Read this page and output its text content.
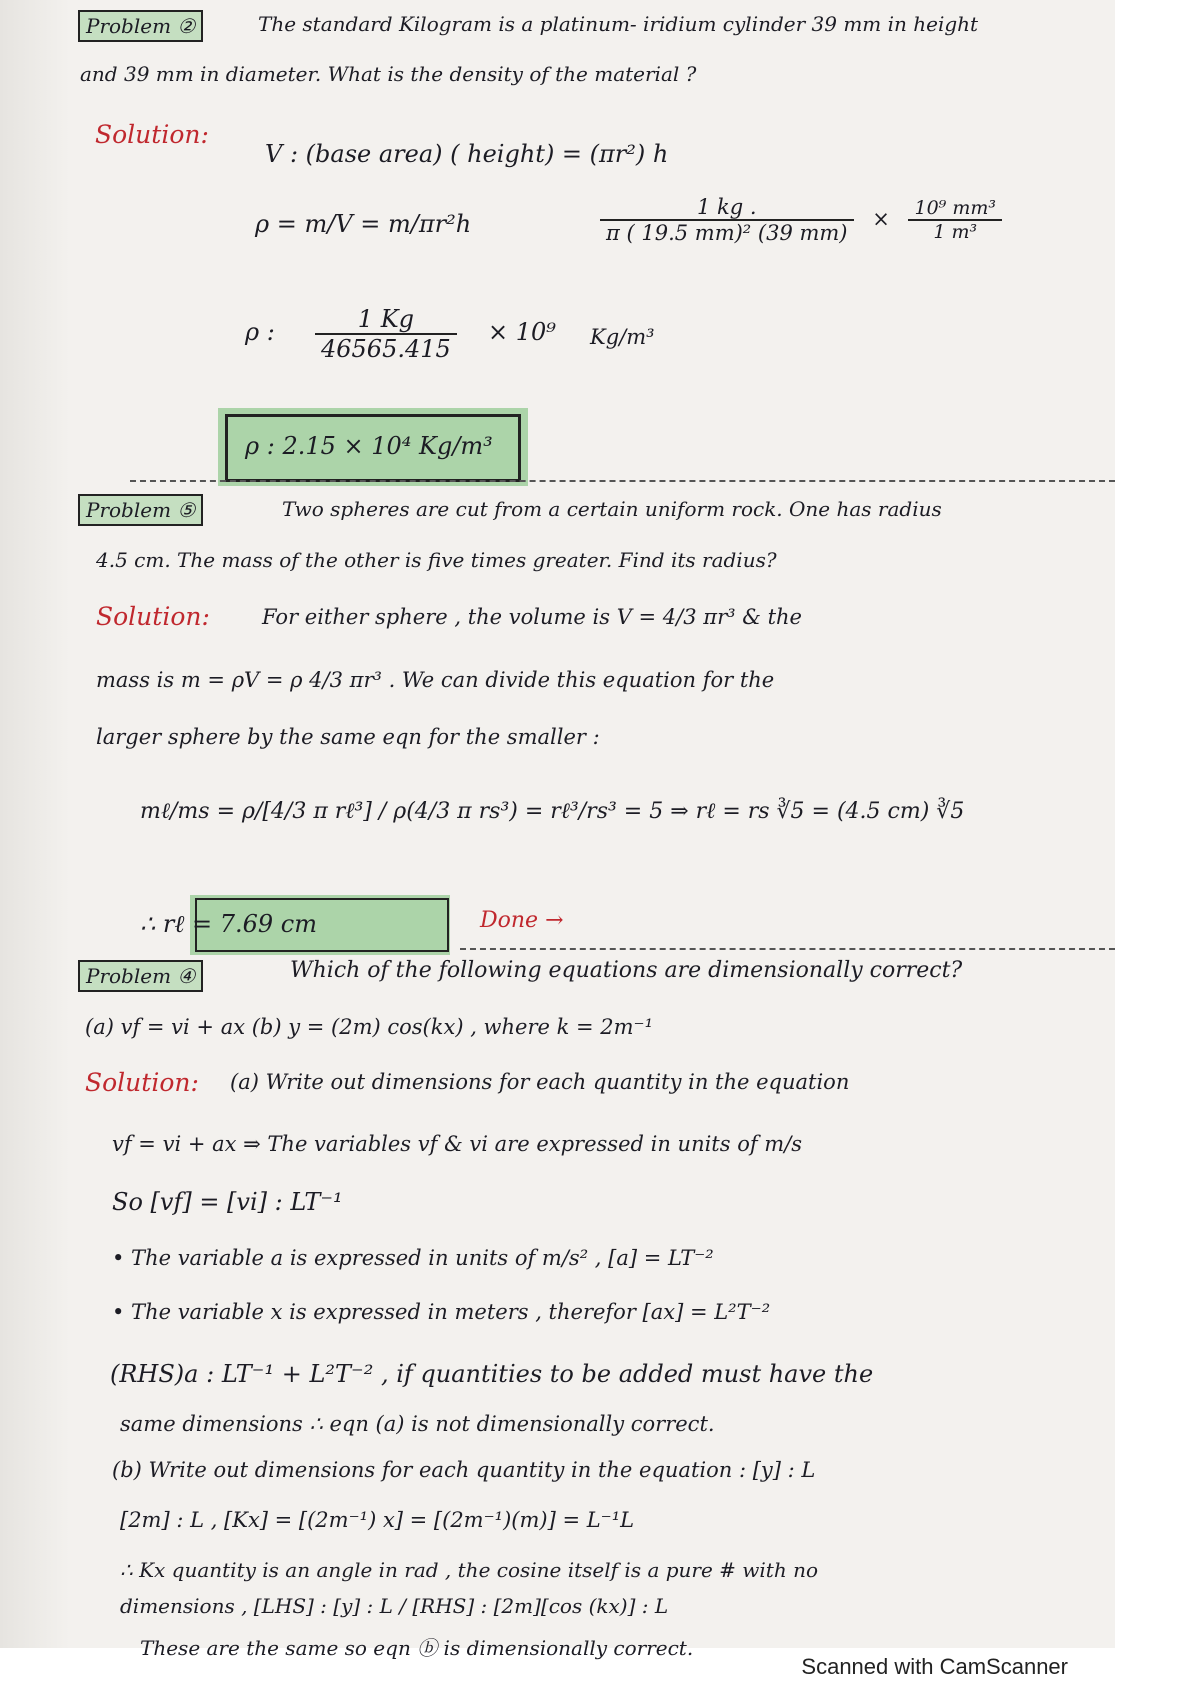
Problem ②	The standard Kilogram is a platinum- iridium cylinder 39 mm in height
and 39 mm in diameter. What is the density of the material ?
Solution:
V : (base area) ( height) = (πr²) h
ρ = m/V = m/πr²h	$\frac{1 kg .}{\text{π ( 19.5 mm)² (39 mm)}} \times \frac{\text{10⁹ mm³}}{\text{1 m³}}$
ρ : $\frac{1 Kg}{46565.415} \times 10^9$ Kg/m³
ρ : 2.15 × 10⁴ Kg/m³
Problem ⑤	Two spheres are cut from a certain uniform rock. One has radius
4.5 cm. The mass of the other is five times greater. Find its radius?
Solution: For either sphere , the volume is V = 4/3 πr³ & the
mass is m = ρV = ρ 4/3 πr³ . We can divide this equation for the
larger sphere by the same eqn for the smaller :
mℓ/ms = ρ/[4/3 π rℓ³] / ρ(4/3 π rs³) = rℓ³/rs³ = 5 ⇒ rℓ = rs ∛5 = (4.5 cm) ∛5
∴ rℓ = 7.69 cm	Done →
Problem ④	Which of the following equations are dimensionally correct?
(a) vf = vi + ax (b) y = (2m) cos(kx) , where k = 2m⁻¹
Solution: (a) Write out dimensions for each quantity in the equation
vf = vi + ax ⇒ The variables vf & vi are expressed in units of m/s
So [vf] = [vi] : LT⁻¹
• The variable a is expressed in units of m/s² , [a] = LT⁻²
• The variable x is expressed in meters , therefor [ax] = L²T⁻²
(RHS)a : LT⁻¹ + L²T⁻² , if quantities to be added must have the
same dimensions ∴ eqn (a) is not dimensionally correct.
(b) Write out dimensions for each quantity in the equation : [y] : L
[2m] : L , [Kx] = [(2m⁻¹) x] = [(2m⁻¹)(m)] = L⁻¹L
∴ Kx quantity is an angle in rad , the cosine itself is a pure # with no
dimensions , [LHS] : [y] : L / [RHS] : [2m][cos (kx)] : L
These are the same so eqn ⓑ is dimensionally correct.
Scanned with CamScanner
